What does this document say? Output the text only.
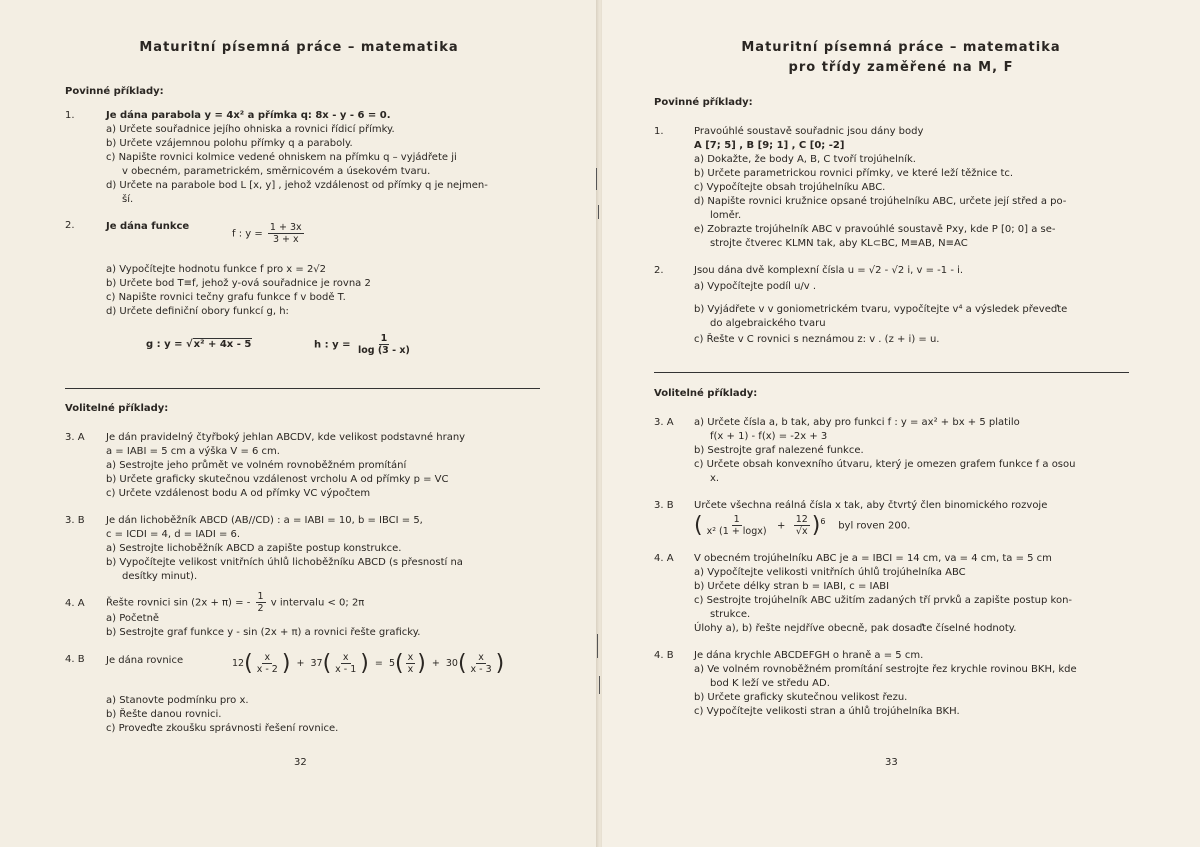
Maturitní písemná práce – matematika
Povinné příklady:
1.	Je dána parabola y = 4x² a přímka q: 8x - y - 6 = 0.
a) Určete souřadnice jejího ohniska a rovnici řídicí přímky.
b) Určete vzájemnou polohu přímky q a paraboly.
c) Napište rovnici kolmice vedené ohniskem na přímku q – vyjádřete ji
v obecném, parametrickém, směrnicovém a úsekovém tvaru.
d) Určete na parabole bod L [x, y] , jehož vzdálenost od přímky q je nejmen-
ší.
2.	Je dána funkce
f : $y = \frac{1 + 3x}{3 + x}$
a) Vypočítejte hodnotu funkce f pro x = 2√2
b) Určete bod T≡f, jehož y-ová souřadnice je rovna 2
c) Napište rovnici tečny grafu funkce f v bodě T.
d) Určete definiční obory funkcí g, h:
g : y = √x² + 4x - 5	h : $y = \frac{1}{\log (3 - x)}$
Volitelné příklady:
3. A Je dán pravidelný čtyřboký jehlan ABCDV, kde velikost podstavné hrany
a = IABI = 5 cm a výška V = 6 cm.
a) Sestrojte jeho průmět ve volném rovnoběžném promítání
b) Určete graficky skutečnou vzdálenost vrcholu A od přímky p = VC
c) Určete vzdálenost bodu A od přímky VC výpočtem
3. B Je dán lichoběžník ABCD (AB//CD) : a = IABI = 10, b = IBCI = 5,
c = ICDI = 4, d = IADI = 6.
a) Sestrojte lichoběžník ABCD a zapište postup konstrukce.
b) Vypočítejte velikost vnitřních úhlů lichoběžníku ABCD (s přesností na
desítky minut).
4. A Řešte rovnici sin (2x + π) = - $\frac{1}{2}$ v intervalu < 0; 2π
a) Početně
b) Sestrojte graf funkce y - sin (2x + π) a rovnici řešte graficky.
4. B Je dána rovnice	$12( \frac{x}{x - 2}$ )  +  $37( \frac{x}{x - 1}$ )  =  $5( \frac{x}{x}$ )  +  $30( \frac{x}{x - 3}$ )
a) Stanovte podmínku pro x.
b) Řešte danou rovnici.
c) Proveďte zkoušku správnosti řešení rovnice.
32
Maturitní písemná práce – matematika
pro třídy zaměřené na M, F
Povinné příklady:
1.	Pravoúhlé soustavě souřadnic jsou dány body
A [7; 5] , B [9; 1] , C [0; -2]
a) Dokažte, že body A, B, C tvoří trojúhelník.
b) Určete parametrickou rovnici přímky, ve které leží těžnice tc.
c) Vypočítejte obsah trojúhelníku ABC.
d) Napište rovnici kružnice opsané trojúhelníku ABC, určete její střed a po-
loměr.
e) Zobrazte trojúhelník ABC v pravoúhlé soustavě Pxy, kde P [0; 0] a se-
strojte čtverec KLMN tak, aby KL⊂BC, M≡AB, N≡AC
2.	Jsou dána dvě komplexní čísla u = √2 - √2 i, v = -1 - i.
a) Vypočítejte podíl u/v .
b) Vyjádřete v v goniometrickém tvaru, vypočítejte v⁴ a výsledek převeďte
do algebraického tvaru
c) Řešte v C rovnici s neznámou z: v . (z + i) = u.
Volitelné příklady:
3. A a) Určete čísla a, b tak, aby pro funkci f : y = ax² + bx + 5 platilo
f(x + 1) - f(x) = -2x + 3
b) Sestrojte graf nalezené funkce.
c) Určete obsah konvexního útvaru, který je omezen grafem funkce f a osou
x.
3. B Určete všechna reálná čísla x tak, aby čtvrtý člen binomického rozvoje
( $\frac{1}{\text{x² (1 + logx)}} + \frac{12}{√x} )^6$ byl roven 200.
4. A V obecném trojúhelníku ABC je a = IBCI = 14 cm, va = 4 cm, ta = 5 cm
a) Vypočítejte velikosti vnitřních úhlů trojúhelníka ABC
b) Určete délky stran b = IABI, c = IABI
c) Sestrojte trojúhelník ABC užitím zadaných tří prvků a zapište postup kon-
strukce.
Úlohy a), b) řešte nejdříve obecně, pak dosaďte číselné hodnoty.
4. B Je dána krychle ABCDEFGH o hraně a = 5 cm.
a) Ve volném rovnoběžném promítání sestrojte řez krychle rovinou BKH, kde
bod K leží ve středu AD.
b) Určete graficky skutečnou velikost řezu.
c) Vypočítejte velikosti stran a úhlů trojúhelníka BKH.
33
